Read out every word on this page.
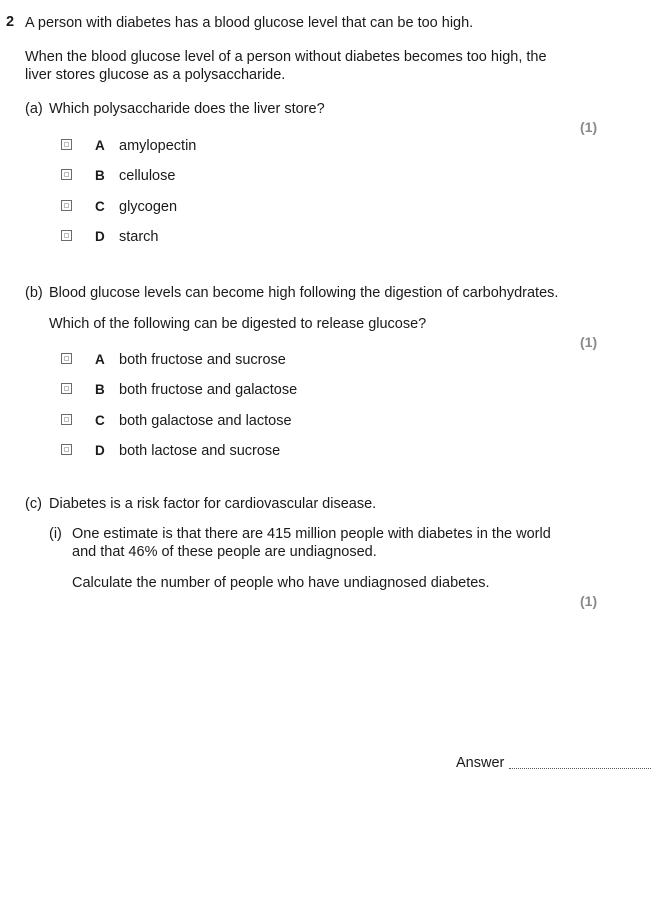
2 A person with diabetes has a blood glucose level that can be too high.
When the blood glucose level of a person without diabetes becomes too high, the
liver stores glucose as a polysaccharide.
(a) Which polysaccharide does the liver store?
(1)
A amylopectin
B cellulose
C glycogen
D starch
(b) Blood glucose levels can become high following the digestion of carbohydrates.
Which of the following can be digested to release glucose?
(1)
A both fructose and sucrose
B both fructose and galactose
C both galactose and lactose
D both lactose and sucrose
(c) Diabetes is a risk factor for cardiovascular disease.
(i) One estimate is that there are 415 million people with diabetes in the world
and that 46% of these people are undiagnosed.
Calculate the number of people who have undiagnosed diabetes.
(1)
Answer
